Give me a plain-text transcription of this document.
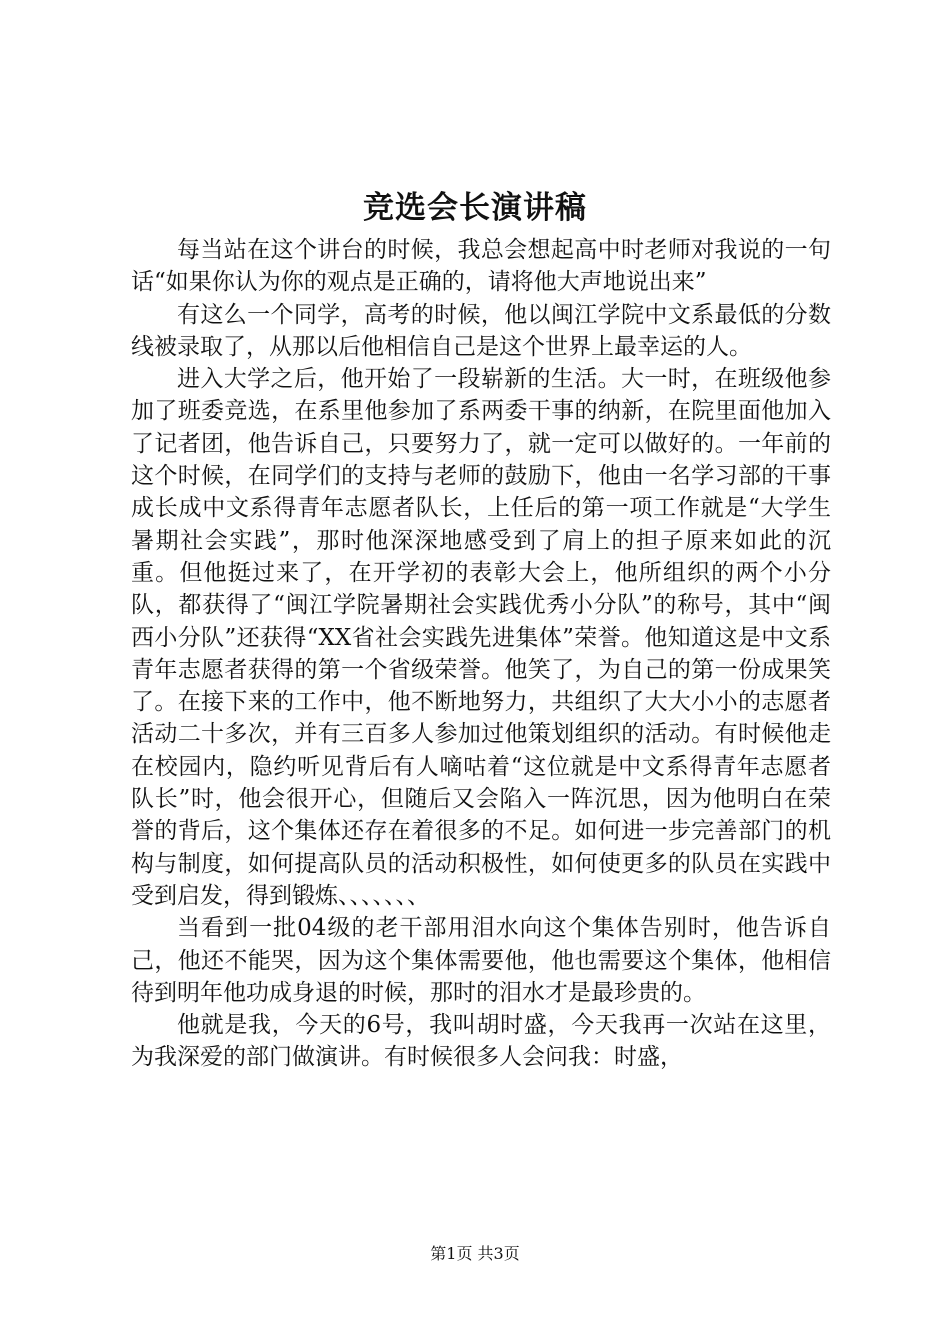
竞选会长演讲稿

每当站在这个讲台的时候，我总会想起高中时老师对我说的一句话“如果你认为你的观点是正确的，请将他大声地说出来”

有这么一个同学，高考的时候，他以闽江学院中文系最低的分数线被录取了，从那以后他相信自己是这个世界上最幸运的人。

进入大学之后，他开始了一段崭新的生活。大一时，在班级他参加了班委竞选，在系里他参加了系两委干事的纳新，在院里面他加入了记者团，他告诉自己，只要努力了，就一定可以做好的。一年前的这个时候，在同学们的支持与老师的鼓励下，他由一名学习部的干事成长成中文系得青年志愿者队长，上任后的第一项工作就是“大学生暑期社会实践”，那时他深深地感受到了肩上的担子原来如此的沉重。但他挺过来了，在开学初的表彰大会上，他所组织的两个小分队，都获得了“闽江学院暑期社会实践优秀小分队”的称号，其中“闽西小分队”还获得“XX省社会实践先进集体”荣誉。他知道这是中文系青年志愿者获得的第一个省级荣誉。他笑了，为自己的第一份成果笑了。在接下来的工作中，他不断地努力，共组织了大大小小的志愿者活动二十多次，并有三百多人参加过他策划组织的活动。有时候他走在校园内，隐约听见背后有人嘀咕着“这位就是中文系得青年志愿者队长”时，他会很开心，但随后又会陷入一阵沉思，因为他明白在荣誉的背后，这个集体还存在着很多的不足。如何进一步完善部门的机构与制度，如何提高队员的活动积极性，如何使更多的队员在实践中受到启发，得到锻炼、、、、、、、

当看到一批04级的老干部用泪水向这个集体告别时，他告诉自己，他还不能哭，因为这个集体需要他，他也需要这个集体，他相信待到明年他功成身退的时候，那时的泪水才是最珍贵的。

他就是我，今天的6号，我叫胡时盛，今天我再一次站在这里，为我深爱的部门做演讲。有时候很多人会问我：时盛，

第1页 共3页
